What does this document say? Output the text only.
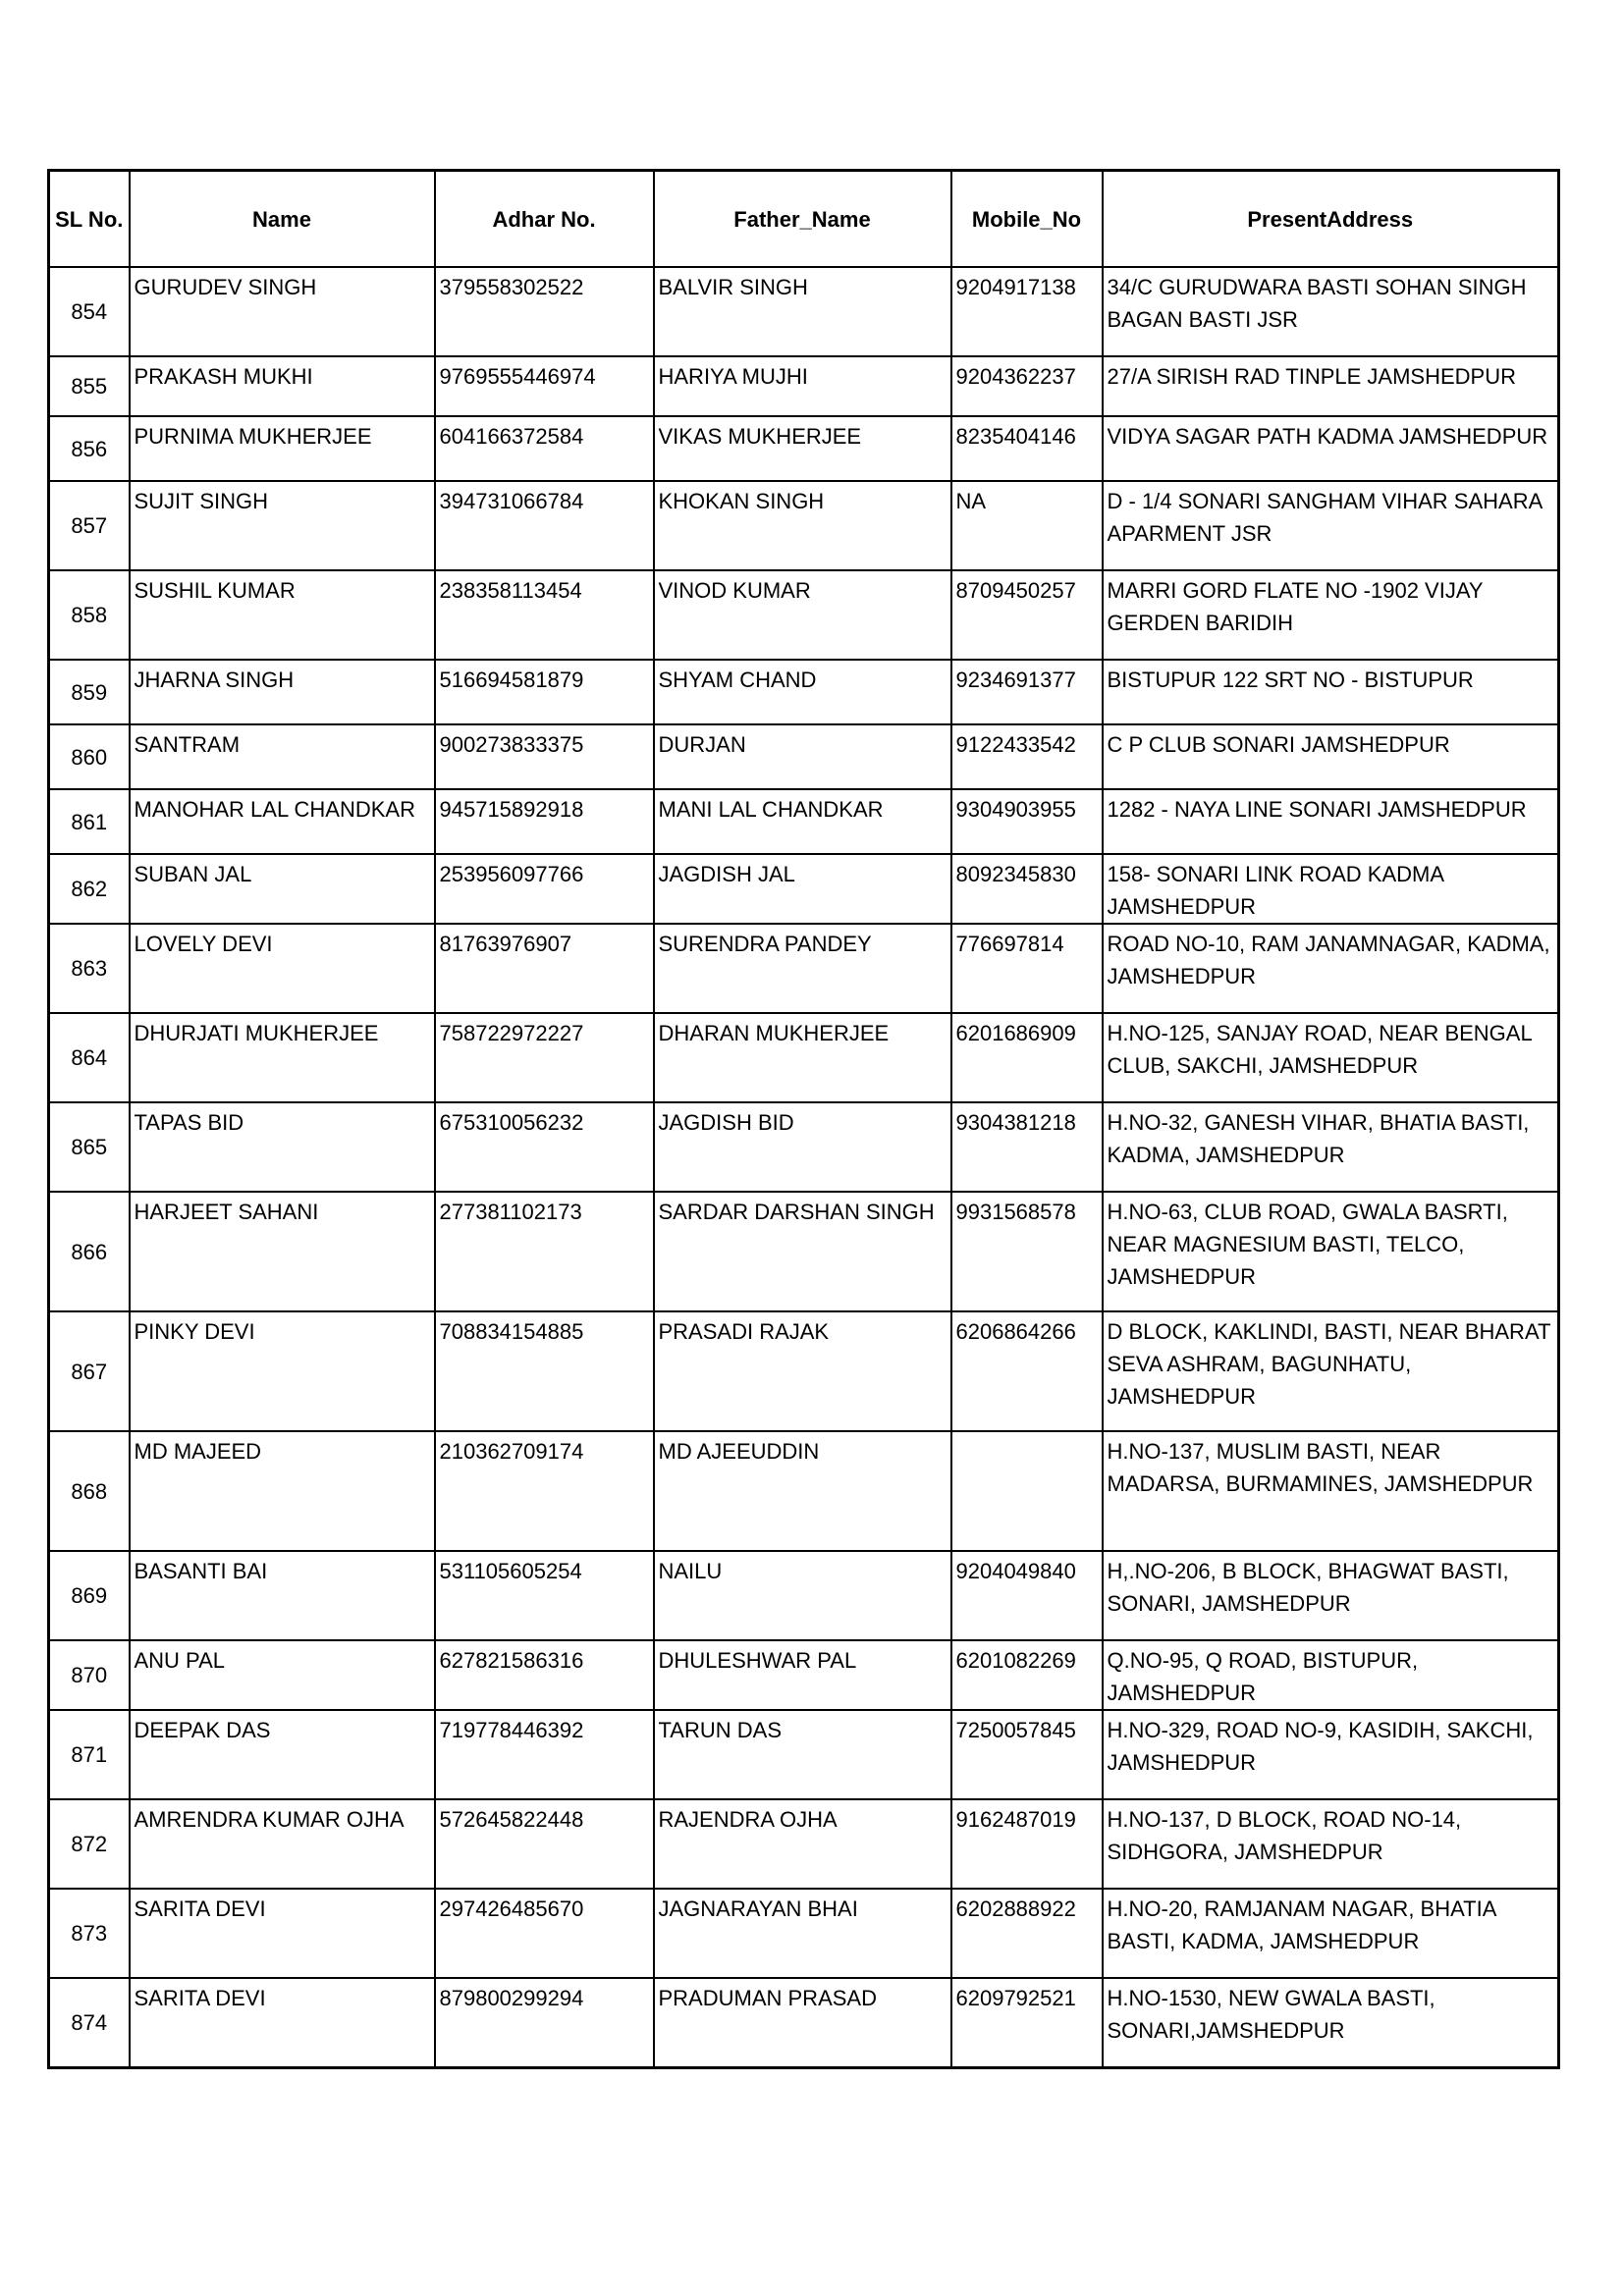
SL No.	Name	Adhar No.	Father_Name	Mobile_No	PresentAddress
854	GURUDEV SINGH	379558302522	BALVIR SINGH	9204917138	34/C GURUDWARA BASTI SOHAN SINGH BAGAN BASTI JSR
855	PRAKASH MUKHI	9769555446974	HARIYA MUJHI	9204362237	27/A SIRISH RAD TINPLE JAMSHEDPUR
856	PURNIMA MUKHERJEE	604166372584	VIKAS MUKHERJEE	8235404146	VIDYA SAGAR PATH KADMA JAMSHEDPUR
857	SUJIT SINGH	394731066784	KHOKAN SINGH	NA	D - 1/4 SONARI SANGHAM VIHAR SAHARA APARMENT JSR
858	SUSHIL KUMAR	238358113454	VINOD KUMAR	8709450257	MARRI GORD FLATE NO -1902 VIJAY GERDEN BARIDIH
859	JHARNA SINGH	516694581879	SHYAM CHAND	9234691377	BISTUPUR 122 SRT NO - BISTUPUR
860	SANTRAM	900273833375	DURJAN	9122433542	C P CLUB SONARI JAMSHEDPUR
861	MANOHAR LAL CHANDKAR	945715892918	MANI LAL CHANDKAR	9304903955	1282 - NAYA LINE SONARI JAMSHEDPUR
862	SUBAN JAL	253956097766	JAGDISH JAL	8092345830	158- SONARI LINK ROAD KADMA JAMSHEDPUR
863	LOVELY DEVI	81763976907	SURENDRA PANDEY	776697814	ROAD NO-10, RAM JANAMNAGAR, KADMA, JAMSHEDPUR
864	DHURJATI MUKHERJEE	758722972227	DHARAN MUKHERJEE	6201686909	H.NO-125, SANJAY ROAD, NEAR BENGAL CLUB, SAKCHI, JAMSHEDPUR
865	TAPAS BID	675310056232	JAGDISH BID	9304381218	H.NO-32, GANESH VIHAR, BHATIA BASTI, KADMA, JAMSHEDPUR
866	HARJEET SAHANI	277381102173	SARDAR DARSHAN SINGH	9931568578	H.NO-63, CLUB ROAD, GWALA BASRTI, NEAR MAGNESIUM BASTI, TELCO, JAMSHEDPUR
867	PINKY DEVI	708834154885	PRASADI RAJAK	6206864266	D BLOCK, KAKLINDI, BASTI, NEAR BHARAT SEVA ASHRAM, BAGUNHATU, JAMSHEDPUR
868	MD MAJEED	210362709174	MD AJEEUDDIN		H.NO-137, MUSLIM BASTI, NEAR MADARSA, BURMAMINES, JAMSHEDPUR
869	BASANTI BAI	531105605254	NAILU	9204049840	H,.NO-206, B BLOCK, BHAGWAT BASTI, SONARI, JAMSHEDPUR
870	ANU PAL	627821586316	DHULESHWAR PAL	6201082269	Q.NO-95, Q ROAD, BISTUPUR, JAMSHEDPUR
871	DEEPAK DAS	719778446392	TARUN DAS	7250057845	H.NO-329, ROAD NO-9, KASIDIH, SAKCHI, JAMSHEDPUR
872	AMRENDRA KUMAR OJHA	572645822448	RAJENDRA OJHA	9162487019	H.NO-137, D BLOCK, ROAD NO-14, SIDHGORA, JAMSHEDPUR
873	SARITA DEVI	297426485670	JAGNARAYAN BHAI	6202888922	H.NO-20, RAMJANAM NAGAR, BHATIA BASTI, KADMA, JAMSHEDPUR
874	SARITA DEVI	879800299294	PRADUMAN PRASAD	6209792521	H.NO-1530, NEW GWALA BASTI, SONARI,JAMSHEDPUR
